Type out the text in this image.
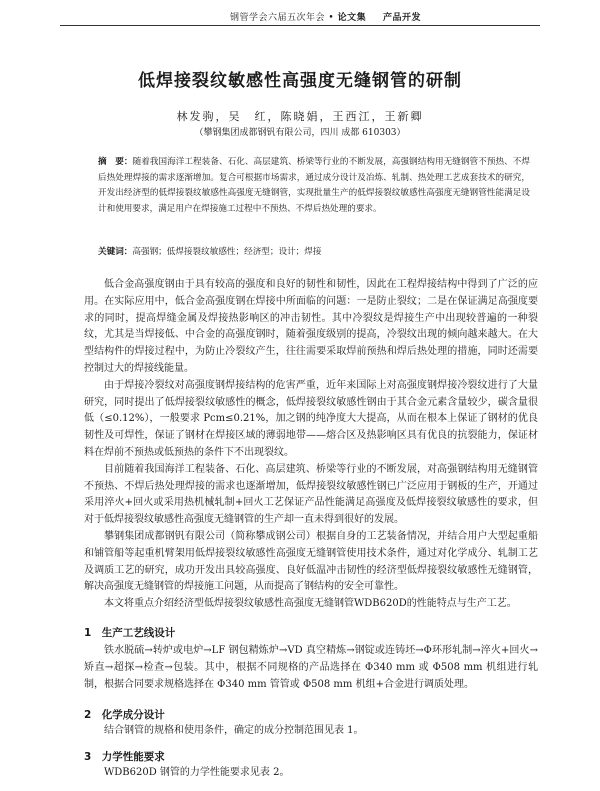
钢管学会六届五次年会 • 论文集 产品开发
低焊接裂纹敏感性高强度无缝钢管的研制
林发驹，吴　红，陈晓娟，王西江，王新卿
（攀钢集团成都钢钒有限公司，四川 成都 610303）
摘　要：随着我国海洋工程装备、石化、高层建筑、桥梁等行业的不断发展，高强钢结构用无缝钢管不预热、不焊后热处理焊接的需求逐渐增加。复合可根据市场需求，通过成分设计及冶炼、轧制、热处理工艺成套技术的研究，开发出经济型的低焊接裂纹敏感性高强度无缝钢管，实现批量生产的低焊接裂纹敏感性高强度无缝钢管性能满足设计和使用要求，满足用户在焊接施工过程中不预热、不焊后热处理的要求。
关键词：高强钢；低焊接裂纹敏感性；经济型；设计；焊接

低合金高强度钢由于具有较高的强度和良好的韧性和韧性，因此在工程焊接结构中得到了广泛的应用。在实际应用中，低合金高强度钢在焊接中所面临的问题：一是防止裂纹；二是在保证满足高强度要求的同时，提高焊缝金属及焊接热影响区的冲击韧性。其中冷裂纹是焊接生产中出现较普遍的一种裂纹，尤其是当焊接低、中合金的高强度钢时，随着强度级别的提高，冷裂纹出现的倾向越来越大。在大型结构件的焊接过程中，为防止冷裂纹产生，往往需要采取焊前预热和焊后热处理的措施，同时还需要控制过大的焊接线能量。

由于焊接冷裂纹对高强度钢焊接结构的危害严重，近年来国际上对高强度钢焊接冷裂纹进行了大量研究，同时提出了低焊接裂纹敏感性的概念，低焊接裂纹敏感性钢由于其合金元素含量较少，碳含量很低（≤0.12%），一般要求 Pcm≤0.21%，加之钢的纯净度大大提高，从而在根本上保证了钢材的优良韧性及可焊性，保证了钢材在焊接区域的薄弱地带——熔合区及热影响区具有优良的抗裂能力，保证材料在焊前不预热或低预热的条件下不出现裂纹。

目前随着我国海洋工程装备、石化、高层建筑、桥梁等行业的不断发展，对高强钢结构用无缝钢管不预热、不焊后热处理焊接的需求也逐渐增加，低焊接裂纹敏感性钢已广泛应用于钢板的生产，开通过采用淬火+回火或采用热机械轧制+回火工艺保证产品性能满足高强度及低焊接裂纹敏感性的要求，但对于低焊接裂纹敏感性高强度无缝钢管的生产却一直未得到很好的发展。

攀钢集团成都钢钒有限公司（简称攀成钢公司）根据自身的工艺装备情况，并结合用户大型起重船和铺管船等起重机臂架用低焊接裂纹敏感性高强度无缝钢管使用技术条件，通过对化学成分、轧制工艺及调质工艺的研究，成功开发出具较高强度、良好低温冲击韧性的经济型低焊接裂纹敏感性无缝钢管，解决高强度无缝钢管的焊接施工问题，从而提高了钢结构的安全可靠性。

本文将重点介绍经济型低焊接裂纹敏感性高强度无缝钢管WDB620D的性能特点与生产工艺。

1　生产工艺线设计

铁水脱硫→转炉或电炉→LF 钢包精炼炉→VD 真空精炼→钢锭或连铸坯→Φ环形轧制→淬火+回火→矫直→超探→检查→包装。其中，根据不同规格的产品选择在 Φ340 mm 或 Φ508 mm 机组进行轧制，根据合同要求规格选择在 Φ340 mm 管管或 Φ508 mm 机组+合金进行调质处理。

2　化学成分设计

结合钢管的规格和使用条件，确定的成分控制范围见表 1。

3　力学性能要求

WDB620D 钢管的力学性能要求见表 2。
